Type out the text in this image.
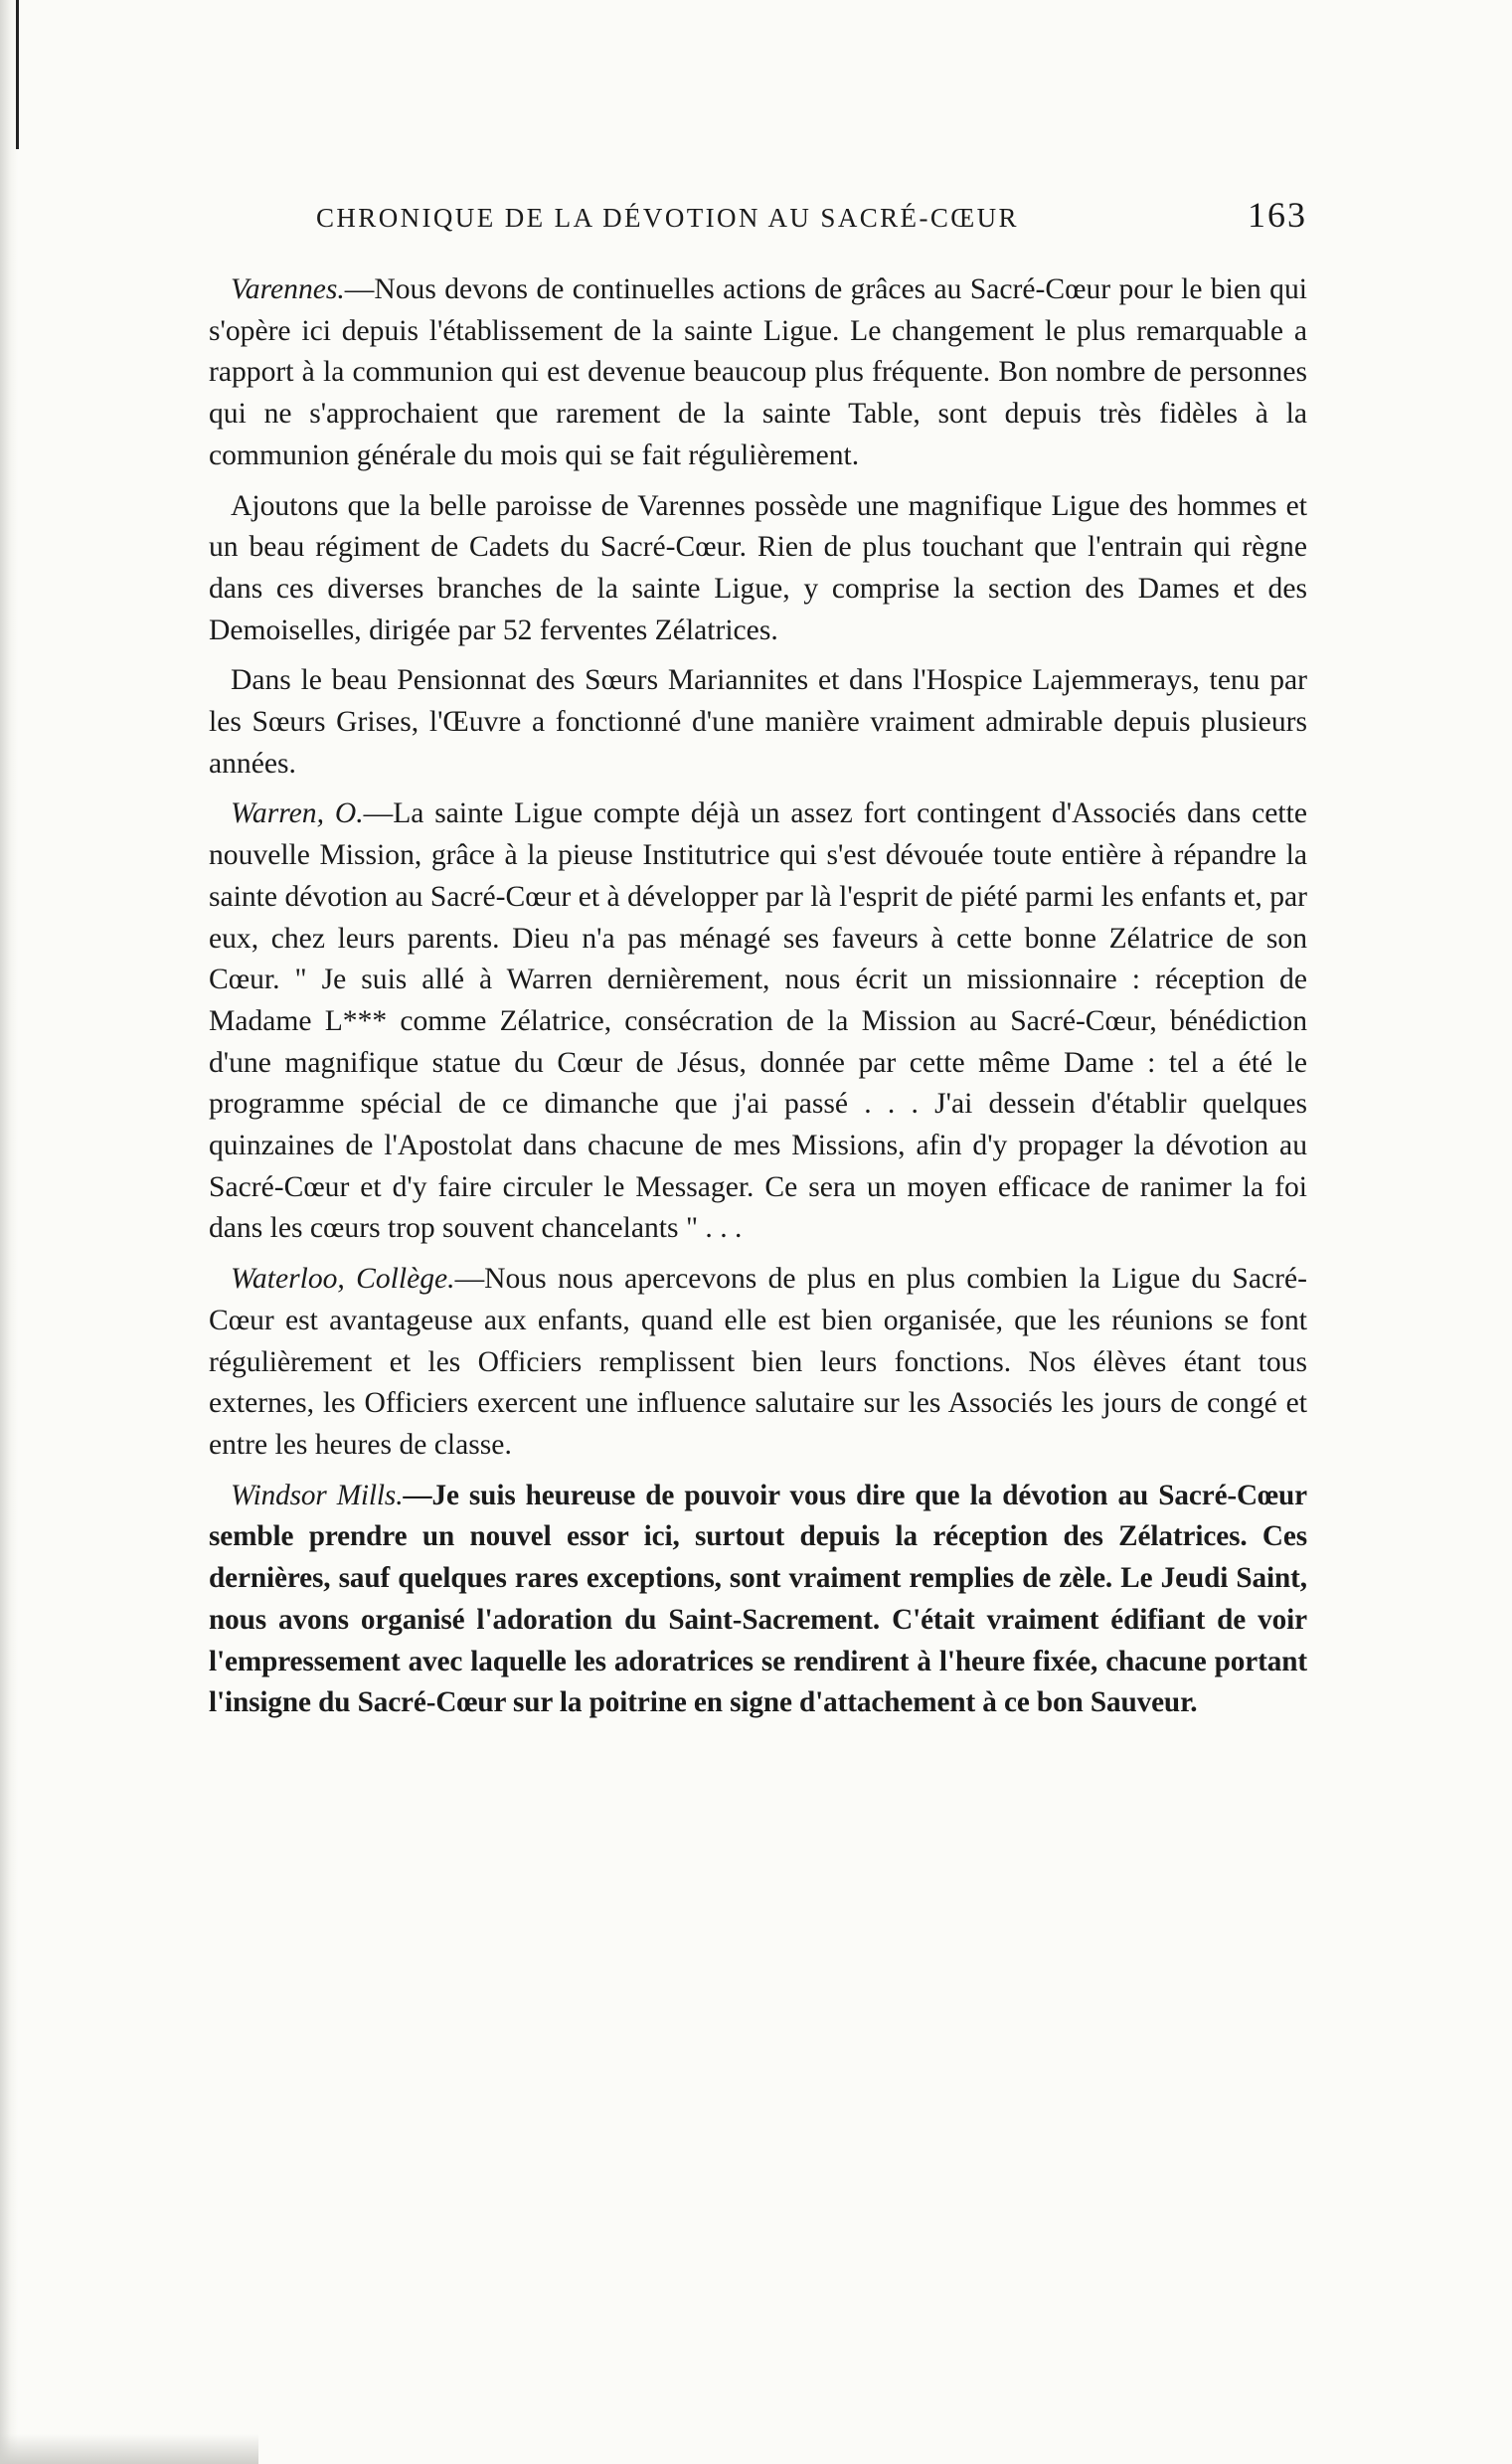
CHRONIQUE DE LA DÉVOTION AU SACRÉ-CŒUR	163

Varennes.—Nous devons de continuelles actions de grâces au Sacré-Cœur pour le bien qui s'opère ici depuis l'établissement de la sainte Ligue. Le changement le plus remarquable a rapport à la communion qui est devenue beaucoup plus fréquente. Bon nombre de personnes qui ne s'approchaient que rarement de la sainte Table, sont depuis très fidèles à la communion générale du mois qui se fait régulièrement.

Ajoutons que la belle paroisse de Varennes possède une magnifique Ligue des hommes et un beau régiment de Cadets du Sacré-Cœur. Rien de plus touchant que l'entrain qui règne dans ces diverses branches de la sainte Ligue, y comprise la section des Dames et des Demoiselles, dirigée par 52 ferventes Zélatrices.

Dans le beau Pensionnat des Sœurs Mariannites et dans l'Hospice Lajemmerays, tenu par les Sœurs Grises, l'Œuvre a fonctionné d'une manière vraiment admirable depuis plusieurs années.

Warren, O.—La sainte Ligue compte déjà un assez fort contingent d'Associés dans cette nouvelle Mission, grâce à la pieuse Institutrice qui s'est dévouée toute entière à répandre la sainte dévotion au Sacré-Cœur et à développer par là l'esprit de piété parmi les enfants et, par eux, chez leurs parents. Dieu n'a pas ménagé ses faveurs à cette bonne Zélatrice de son Cœur. " Je suis allé à Warren dernièrement, nous écrit un missionnaire : réception de Madame L*** comme Zélatrice, consécration de la Mission au Sacré-Cœur, bénédiction d'une magnifique statue du Cœur de Jésus, donnée par cette même Dame : tel a été le programme spécial de ce dimanche que j'ai passé . . . J'ai dessein d'établir quelques quinzaines de l'Apostolat dans chacune de mes Missions, afin d'y propager la dévotion au Sacré-Cœur et d'y faire circuler le Messager. Ce sera un moyen efficace de ranimer la foi dans les cœurs trop souvent chancelants " . . .

Waterloo, Collège.—Nous nous apercevons de plus en plus combien la Ligue du Sacré-Cœur est avantageuse aux enfants, quand elle est bien organisée, que les réunions se font régulièrement et les Officiers remplissent bien leurs fonctions. Nos élèves étant tous externes, les Officiers exercent une influence salutaire sur les Associés les jours de congé et entre les heures de classe.

Windsor Mills.—Je suis heureuse de pouvoir vous dire que la dévotion au Sacré-Cœur semble prendre un nouvel essor ici, surtout depuis la réception des Zélatrices. Ces dernières, sauf quelques rares exceptions, sont vraiment remplies de zèle. Le Jeudi Saint, nous avons organisé l'adoration du Saint-Sacrement. C'était vraiment édifiant de voir l'empressement avec laquelle les adoratrices se rendirent à l'heure fixée, chacune portant l'insigne du Sacré-Cœur sur la poitrine en signe d'attachement à ce bon Sauveur.
